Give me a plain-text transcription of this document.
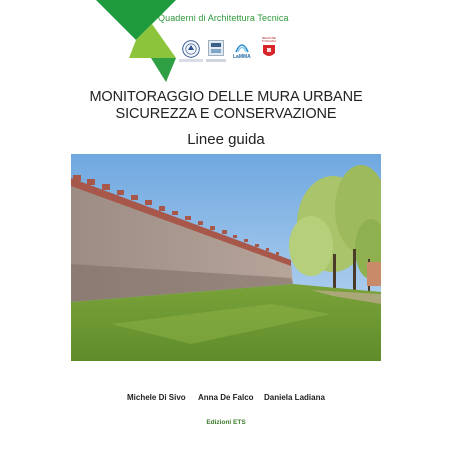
Quaderni di Architettura Tecnica
LaMMA
REGIONE TOSCANA
MONITORAGGIO DELLE MURA URBANE
SICUREZZA E CONSERVAZIONE
Linee guida
Michele Di Sivo Anna De Falco Daniela Ladiana
Edizioni ETS
